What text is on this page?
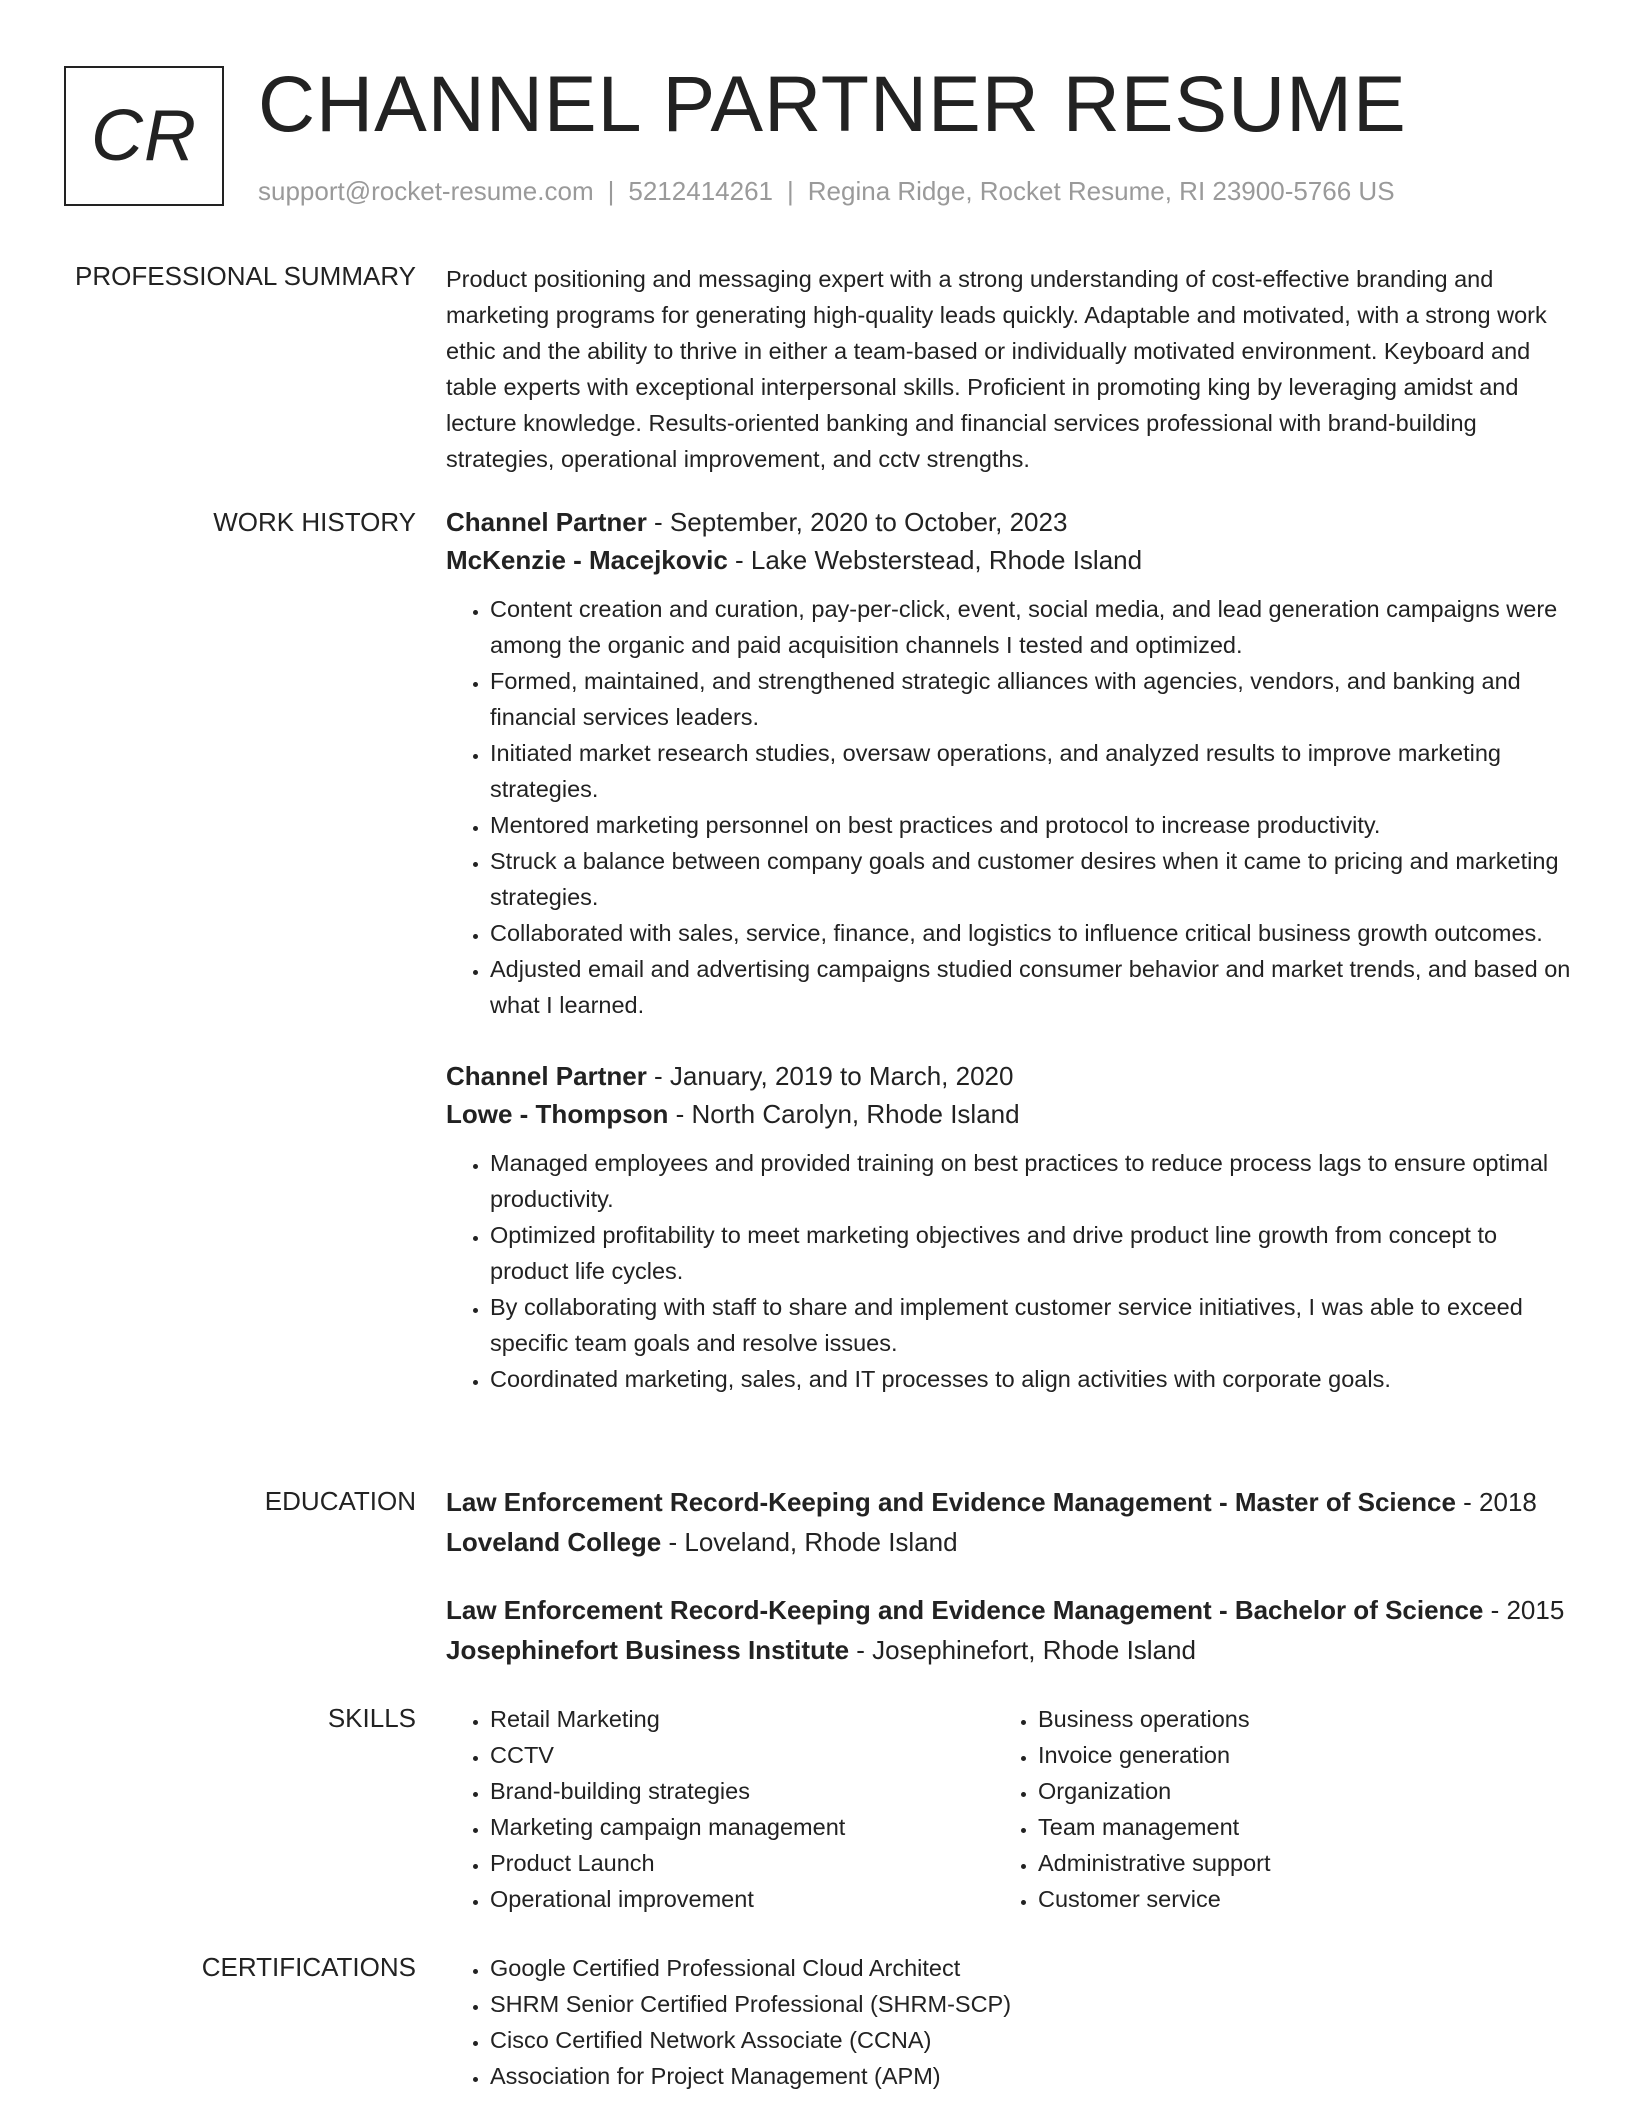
CR CHANNEL PARTNER RESUME
support@rocket-resume.com | 5212414261 | Regina Ridge, Rocket Resume, RI 23900-5766 US
PROFESSIONAL SUMMARY Product positioning and messaging expert with a strong understanding of cost-effective branding and marketing programs for generating high-quality leads quickly. Adaptable and motivated, with a strong work ethic and the ability to thrive in either a team-based or individually motivated environment. Keyboard and table experts with exceptional interpersonal skills. Proficient in promoting king by leveraging amidst and lecture knowledge. Results-oriented banking and financial services professional with brand-building strategies, operational improvement, and cctv strengths.

WORK HISTORY Channel Partner - September, 2020 to October, 2023
McKenzie - Macejkovic - Lake Websterstead, Rhode Island
• Content creation and curation, pay-per-click, event, social media, and lead generation campaigns were among the organic and paid acquisition channels I tested and optimized.
• Formed, maintained, and strengthened strategic alliances with agencies, vendors, and banking and financial services leaders.
• Initiated market research studies, oversaw operations, and analyzed results to improve marketing strategies.
• Mentored marketing personnel on best practices and protocol to increase productivity.
• Struck a balance between company goals and customer desires when it came to pricing and marketing strategies.
• Collaborated with sales, service, finance, and logistics to influence critical business growth outcomes.
• Adjusted email and advertising campaigns studied consumer behavior and market trends, and based on what I learned.
Channel Partner - January, 2019 to March, 2020
Lowe - Thompson - North Carolyn, Rhode Island
• Managed employees and provided training on best practices to reduce process lags to ensure optimal productivity.
• Optimized profitability to meet marketing objectives and drive product line growth from concept to product life cycles.
• By collaborating with staff to share and implement customer service initiatives, I was able to exceed specific team goals and resolve issues.
• Coordinated marketing, sales, and IT processes to align activities with corporate goals.
EDUCATION Law Enforcement Record-Keeping and Evidence Management - Master of Science - 2018
Loveland College - Loveland, Rhode Island
Law Enforcement Record-Keeping and Evidence Management - Bachelor of Science - 2015
Josephinefort Business Institute - Josephinefort, Rhode Island
SKILLS	• Retail Marketing
• CCTV
• Brand-building strategies
• Marketing campaign management
• Product Launch
• Operational improvement
• Business operations
• Invoice generation
• Organization
• Team management
• Administrative support
• Customer service
CERTIFICATIONS	• Google Certified Professional Cloud Architect
• SHRM Senior Certified Professional (SHRM-SCP)
• Cisco Certified Network Associate (CCNA)
• Association for Project Management (APM)
